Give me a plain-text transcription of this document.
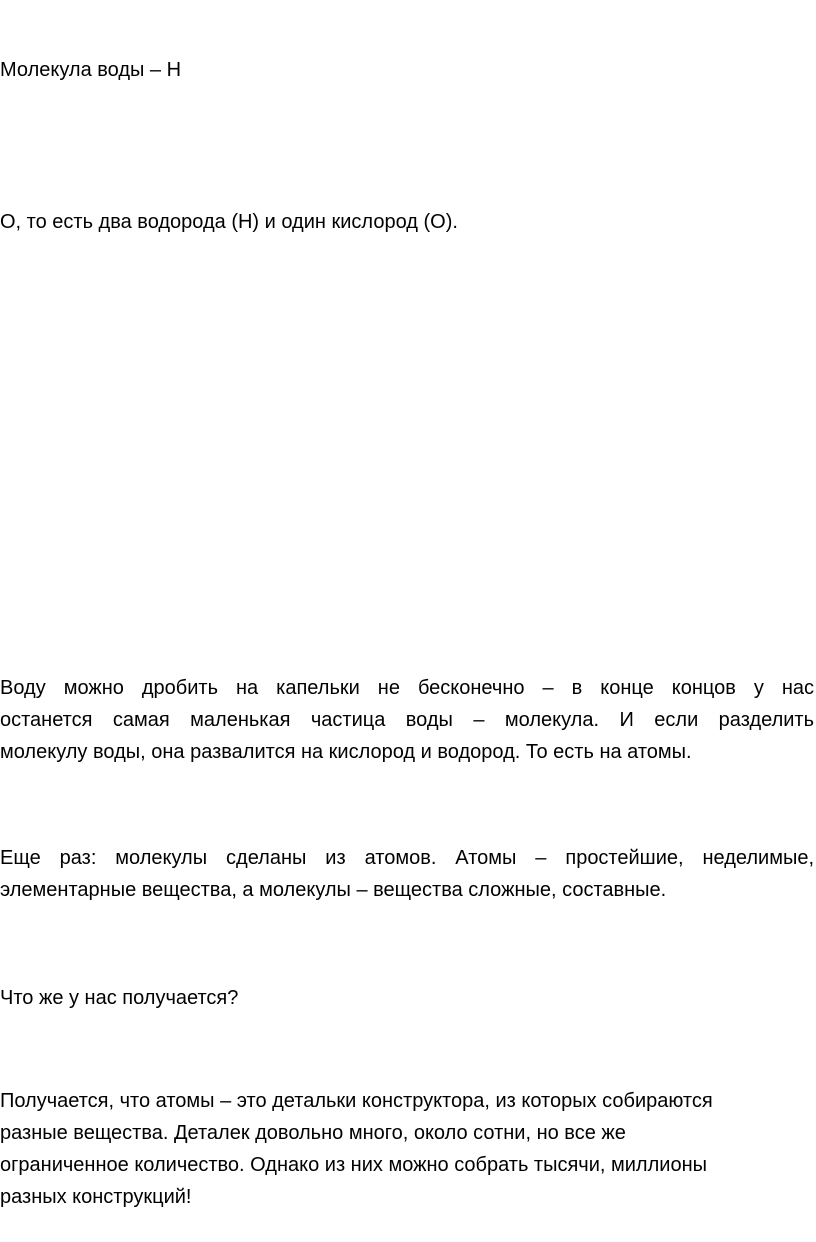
Молекула воды – Н

О, то есть два водорода (Н) и один кислород (О).

Воду можно дробить на капельки не бесконечно – в конце концов у нас
останется самая маленькая частица воды – молекула. И если разделить
молекулу воды, она развалится на кислород и водород. То есть на атомы.
Еще раз: молекулы сделаны из атомов. Атомы – простейшие, неделимые,
элементарные вещества, а молекулы – вещества сложные, составные.
Что же у нас получается?
Получается, что атомы – это детальки конструктора, из которых собираются
разные вещества. Деталек довольно много, около сотни, но все же
ограниченное количество. Однако из них можно собрать тысячи, миллионы
разных конструкций!
